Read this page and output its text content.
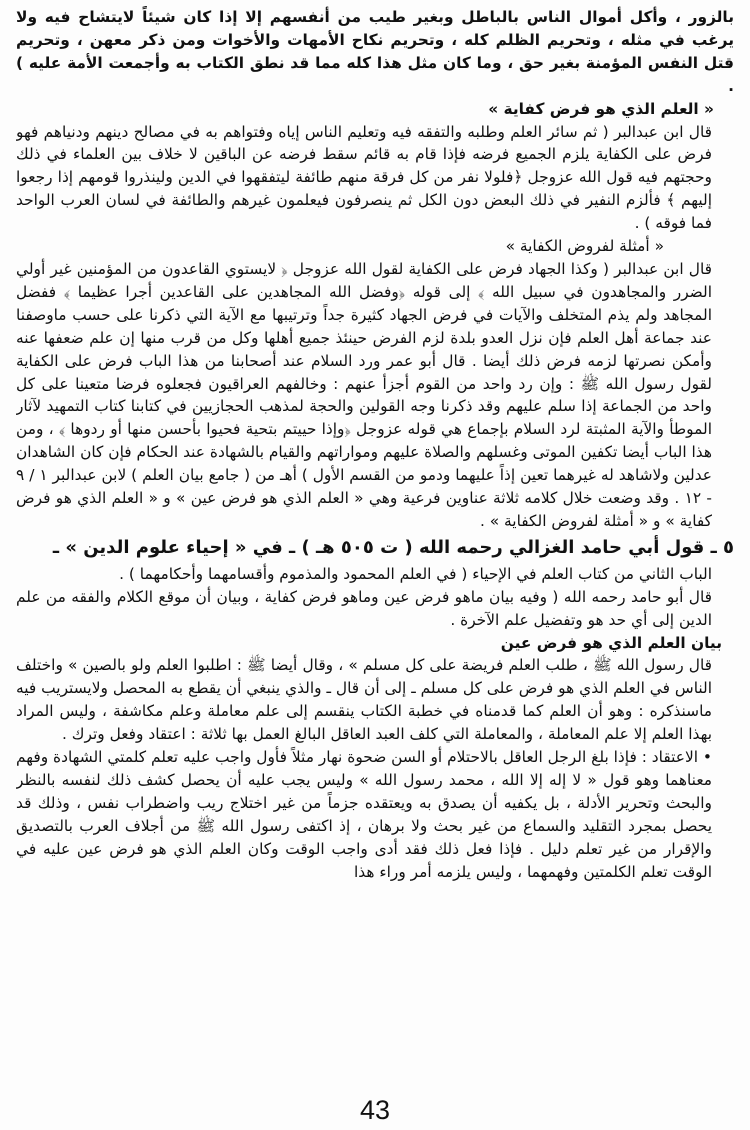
بالزور ، وأكل أموال الناس بالباطل وبغير طيب من أنفسهم إلا إذا كان شيئاً لايتشاح فيه ولا يرغب في مثله ، وتحريم الظلم كله ، وتحريم نكاح الأمهات والأخوات ومن ذكر معهن ، وتحريم قتل النفس المؤمنة بغير حق ، وما كان مثل هذا كله مما قد نطق الكتاب به وأجمعت الأمة عليه ) .

« العلم الذي هو فرض كفاية »

قال ابن عبدالبر ( ثم سائر العلم وطلبه والتفقه فيه وتعليم الناس إياه وفتواهم به في مصالح دينهم ودنياهم فهو فرض على الكفاية يلزم الجميع فرضه فإذا قام به قائم سقط فرضه عن الباقين لا خلاف بين العلماء في ذلك وحجتهم فيه قول الله عزوجل ﴿فلولا نفر من كل فرقة منهم طائفة ليتفقهوا في الدين ولينذروا قومهم إذا رجعوا إليهم ﴾ فألزم النفير في ذلك البعض دون الكل ثم ينصرفون فيعلمون غيرهم والطائفة في لسان العرب الواحد فما فوقه ) .

« أمثلة لفروض الكفاية »

قال ابن عبدالبر ( وكذا الجهاد فرض على الكفاية لقول الله عزوجل ﴿ لايستوي القاعدون من المؤمنين غير أولي الضرر والمجاهدون في سبيل الله ﴾ إلى قوله ﴿وفضل الله المجاهدين على القاعدين أجرا عظيما ﴾ ففضل المجاهد ولم يذم المتخلف والآيات في فرض الجهاد كثيرة جداً وترتيبها مع الآية التي ذكرنا على حسب ماوصفنا عند جماعة أهل العلم فإن نزل العدو بلدة لزم الفرض حينئذ جميع أهلها وكل من قرب منها إن علم ضعفها عنه وأمكن نصرتها لزمه فرض ذلك أيضا . قال أبو عمر ورد السلام عند أصحابنا من هذا الباب فرض على الكفاية لقول رسول الله ﷺ : وإن رد واحد من القوم أجزأ عنهم : وخالفهم العراقيون فجعلوه فرضا متعينا على كل واحد من الجماعة إذا سلم عليهم وقد ذكرنا وجه القولين والحجة لمذهب الحجازيين في كتابنا كتاب التمهيد لآثار الموطأ والآية المثبتة لرد السلام بإجماع هي قوله عزوجل ﴿وإذا حييتم بتحية فحيوا بأحسن منها أو ردوها ﴾ ، ومن هذا الباب أيضا تكفين الموتى وغسلهم والصلاة عليهم ومواراتهم والقيام بالشهادة عند الحكام فإن كان الشاهدان عدلين ولاشاهد له غيرهما تعين إذاً عليهما ودمو من القسم الأول ) أهـ من ( جامع بيان العلم ) لابن عبدالبر ١ / ٩ - ١٢ . وقد وضعت خلال كلامه ثلاثة عناوين فرعية وهي « العلم الذي هو فرض عين » و « العلم الذي هو فرض كفاية » و « أمثلة لفروض الكفاية » .

٥ ـ قول أبي حامد الغزالي رحمه الله ( ت ٥٠٥ هـ ) ـ في « إحياء علوم الدين » ـ

الباب الثاني من كتاب العلم في الإحياء ( في العلم المحمود والمذموم وأقسامهما وأحكامهما ) .

قال أبو حامد رحمه الله ( وفيه بيان ماهو فرض عين وماهو فرض كفاية ، وبيان أن موقع الكلام والفقه من علم الدين إلى أي حد هو وتفضيل علم الآخرة .

بيان العلم الذي هو فرض عين

قال رسول الله ﷺ ، طلب العلم فريضة على كل مسلم » ، وقال أيضا ﷺ : اطلبوا العلم ولو بالصين » واختلف الناس في العلم الذي هو فرض على كل مسلم ـ إلى أن قال ـ والذي ينبغي أن يقطع به المحصل ولايستريب فيه ماسنذكره : وهو أن العلم كما قدمناه في خطبة الكتاب ينقسم إلى علم معاملة وعلم مكاشفة ، وليس المراد بهذا العلم إلا علم المعاملة ، والمعاملة التي كلف العبد العاقل البالغ العمل بها ثلاثة : اعتقاد وفعل وترك .

• الاعتقاد : فإذا بلغ الرجل العاقل بالاحتلام أو السن ضحوة نهار مثلاً فأول واجب عليه تعلم كلمتي الشهادة وفهم معناهما وهو قول « لا إله إلا الله ، محمد رسول الله » وليس يجب عليه أن يحصل كشف ذلك لنفسه بالنظر والبحث وتحرير الأدلة ، بل يكفيه أن يصدق به ويعتقده جزماً من غير اختلاج ريب واضطراب نفس ، وذلك قد يحصل بمجرد التقليد والسماع من غير بحث ولا برهان ، إذ اكتفى رسول الله ﷺ من أجلاف العرب بالتصديق والإقرار من غير تعلم دليل . فإذا فعل ذلك فقد أدى واجب الوقت وكان العلم الذي هو فرض عين عليه في الوقت تعلم الكلمتين وفهمهما ، وليس يلزمه أمر وراء هذا

43
